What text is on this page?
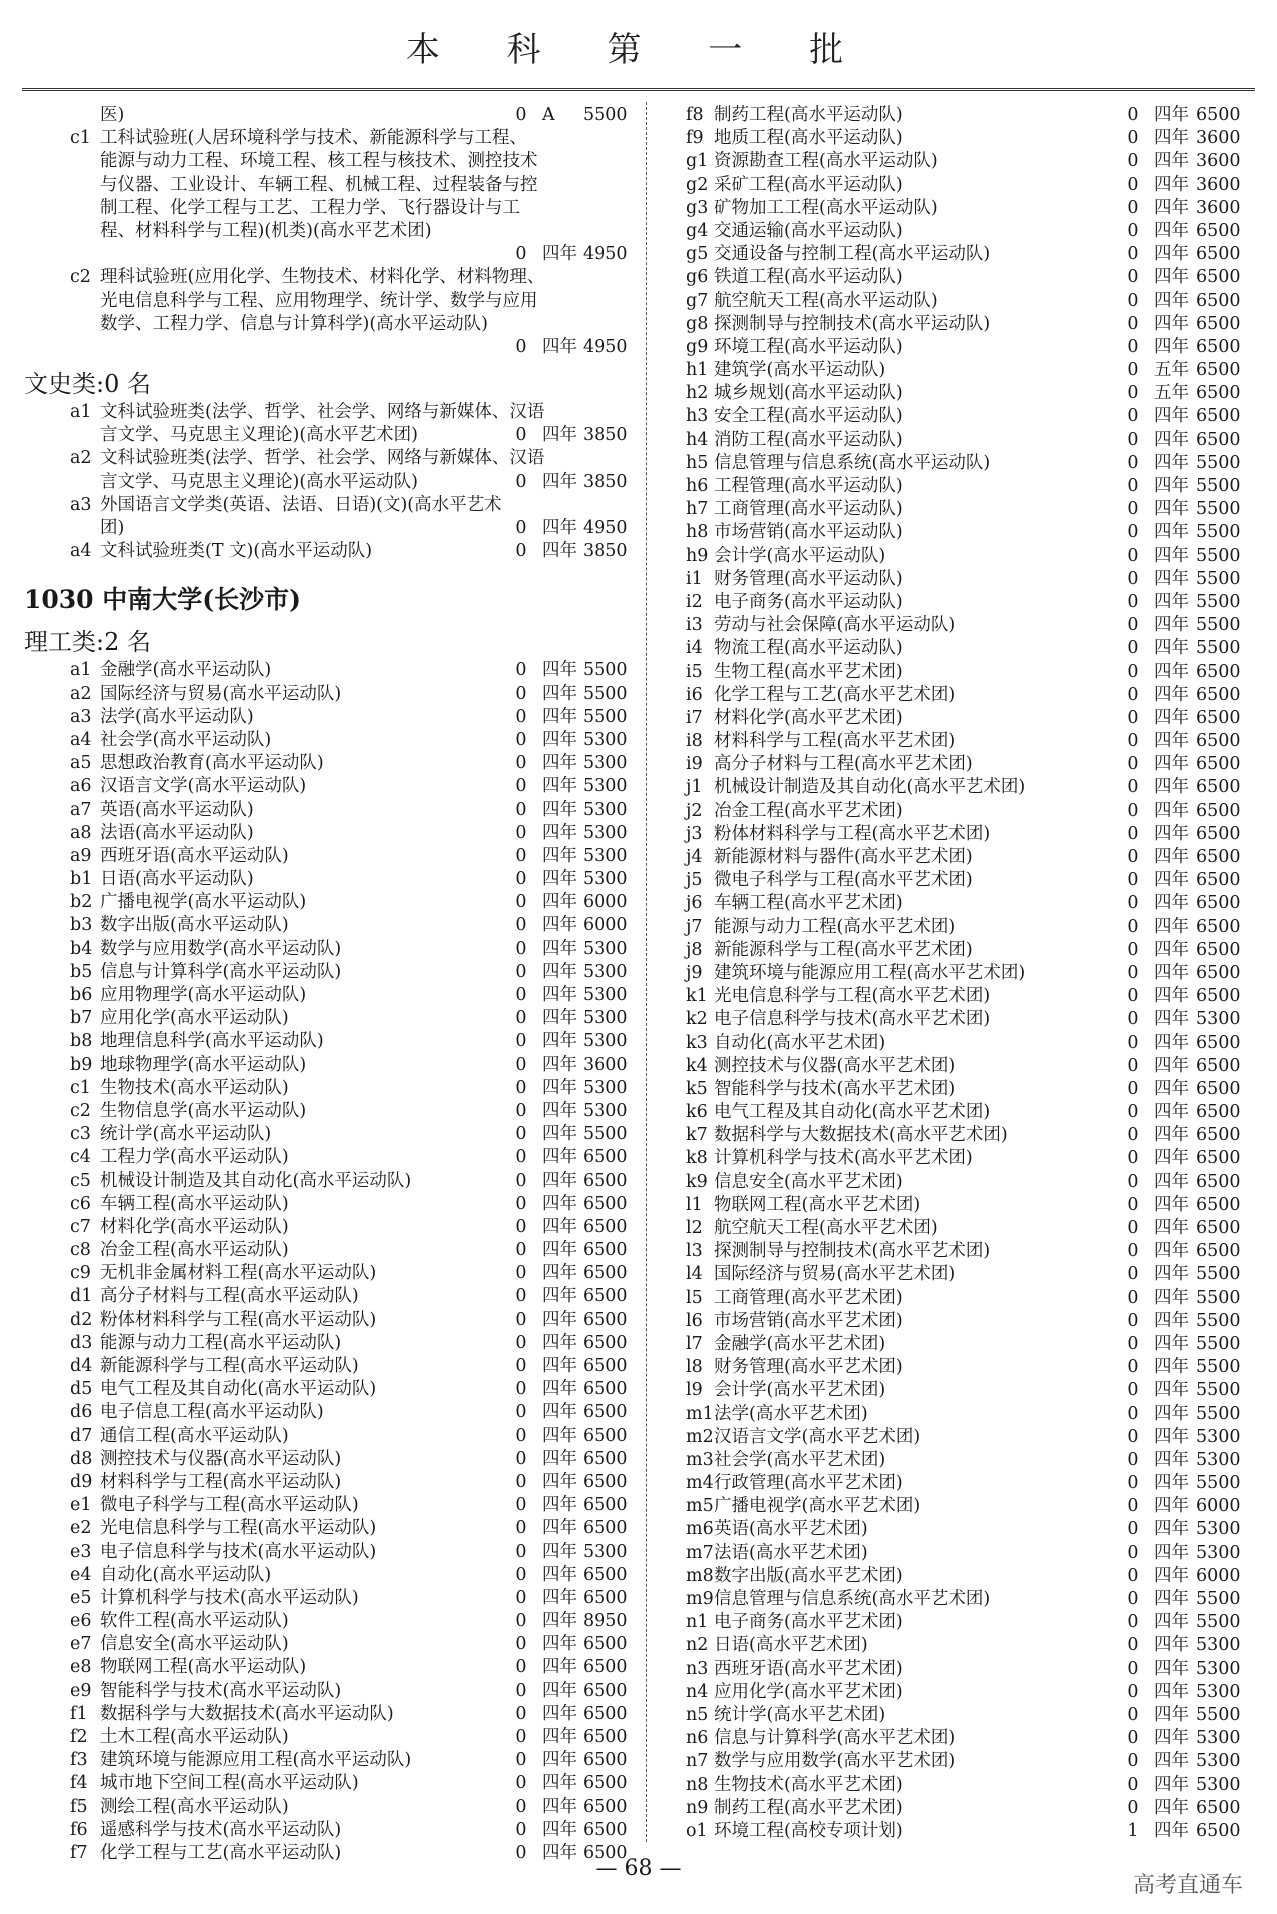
本 科 第 一 批
医)	0 A 5500
c1 工科试验班(人居环境科学与技术、新能源科学与工程、
能源与动力工程、环境工程、核工程与核技术、测控技术
与仪器、工业设计、车辆工程、机械工程、过程装备与控
制工程、化学工程与工艺、工程力学、飞行器设计与工
程、材料科学与工程)(机类)(高水平艺术团)
0 四年 4950
c2 理科试验班(应用化学、生物技术、材料化学、材料物理、
光电信息科学与工程、应用物理学、统计学、数学与应用
数学、工程力学、信息与计算科学)(高水平运动队)
0 四年 4950
文史类:0 名
a1 文科试验班类(法学、哲学、社会学、网络与新媒体、汉语
言文学、马克思主义理论)(高水平艺术团)	0 四年 3850
a2 文科试验班类(法学、哲学、社会学、网络与新媒体、汉语
言文学、马克思主义理论)(高水平运动队)	0 四年 3850
a3 外国语言文学类(英语、法语、日语)(文)(高水平艺术
团)	0 四年 4950
a4 文科试验班类(T 文)(高水平运动队)	0 四年 3850
1030 中南大学(长沙市)
理工类:2 名
a1 金融学(高水平运动队)	0 四年 5500
a2 国际经济与贸易(高水平运动队)	0 四年 5500
a3 法学(高水平运动队)	0 四年 5500
a4 社会学(高水平运动队)	0 四年 5300
a5 思想政治教育(高水平运动队)	0 四年 5300
a6 汉语言文学(高水平运动队)	0 四年 5300
a7 英语(高水平运动队)	0 四年 5300
a8 法语(高水平运动队)	0 四年 5300
a9 西班牙语(高水平运动队)	0 四年 5300
b1 日语(高水平运动队)	0 四年 5300
b2 广播电视学(高水平运动队)	0 四年 6000
b3 数字出版(高水平运动队)	0 四年 6000
b4 数学与应用数学(高水平运动队)	0 四年 5300
b5 信息与计算科学(高水平运动队)	0 四年 5300
b6 应用物理学(高水平运动队)	0 四年 5300
b7 应用化学(高水平运动队)	0 四年 5300
b8 地理信息科学(高水平运动队)	0 四年 5300
b9 地球物理学(高水平运动队)	0 四年 3600
c1 生物技术(高水平运动队)	0 四年 5300
c2 生物信息学(高水平运动队)	0 四年 5300
c3 统计学(高水平运动队)	0 四年 5500
c4 工程力学(高水平运动队)	0 四年 6500
c5 机械设计制造及其自动化(高水平运动队)	0 四年 6500
c6 车辆工程(高水平运动队)	0 四年 6500
c7 材料化学(高水平运动队)	0 四年 6500
c8 冶金工程(高水平运动队)	0 四年 6500
c9 无机非金属材料工程(高水平运动队)	0 四年 6500
d1 高分子材料与工程(高水平运动队)	0 四年 6500
d2 粉体材料科学与工程(高水平运动队)	0 四年 6500
d3 能源与动力工程(高水平运动队)	0 四年 6500
d4 新能源科学与工程(高水平运动队)	0 四年 6500
d5 电气工程及其自动化(高水平运动队)	0 四年 6500
d6 电子信息工程(高水平运动队)	0 四年 6500
d7 通信工程(高水平运动队)	0 四年 6500
d8 测控技术与仪器(高水平运动队)	0 四年 6500
d9 材料科学与工程(高水平运动队)	0 四年 6500
e1 微电子科学与工程(高水平运动队)	0 四年 6500
e2 光电信息科学与工程(高水平运动队)	0 四年 6500
e3 电子信息科学与技术(高水平运动队)	0 四年 5300
e4 自动化(高水平运动队)	0 四年 6500
e5 计算机科学与技术(高水平运动队)	0 四年 6500
e6 软件工程(高水平运动队)	0 四年 8950
e7 信息安全(高水平运动队)	0 四年 6500
e8 物联网工程(高水平运动队)	0 四年 6500
e9 智能科学与技术(高水平运动队)	0 四年 6500
f1 数据科学与大数据技术(高水平运动队)	0 四年 6500
f2 土木工程(高水平运动队)	0 四年 6500
f3 建筑环境与能源应用工程(高水平运动队)	0 四年 6500
f4 城市地下空间工程(高水平运动队)	0 四年 6500
f5 测绘工程(高水平运动队)	0 四年 6500
f6 遥感科学与技术(高水平运动队)	0 四年 6500
f7 化学工程与工艺(高水平运动队)	0 四年 6500
f8 制药工程(高水平运动队)	0 四年 6500
f9 地质工程(高水平运动队)	0 四年 3600
g1 资源勘查工程(高水平运动队)	0 四年 3600
g2 采矿工程(高水平运动队)	0 四年 3600
g3 矿物加工工程(高水平运动队)	0 四年 3600
g4 交通运输(高水平运动队)	0 四年 6500
g5 交通设备与控制工程(高水平运动队)	0 四年 6500
g6 铁道工程(高水平运动队)	0 四年 6500
g7 航空航天工程(高水平运动队)	0 四年 6500
g8 探测制导与控制技术(高水平运动队)	0 四年 6500
g9 环境工程(高水平运动队)	0 四年 6500
h1 建筑学(高水平运动队)	0 五年 6500
h2 城乡规划(高水平运动队)	0 五年 6500
h3 安全工程(高水平运动队)	0 四年 6500
h4 消防工程(高水平运动队)	0 四年 6500
h5 信息管理与信息系统(高水平运动队)	0 四年 5500
h6 工程管理(高水平运动队)	0 四年 5500
h7 工商管理(高水平运动队)	0 四年 5500
h8 市场营销(高水平运动队)	0 四年 5500
h9 会计学(高水平运动队)	0 四年 5500
i1 财务管理(高水平运动队)	0 四年 5500
i2 电子商务(高水平运动队)	0 四年 5500
i3 劳动与社会保障(高水平运动队)	0 四年 5500
i4 物流工程(高水平运动队)	0 四年 5500
i5 生物工程(高水平艺术团)	0 四年 6500
i6 化学工程与工艺(高水平艺术团)	0 四年 6500
i7 材料化学(高水平艺术团)	0 四年 6500
i8 材料科学与工程(高水平艺术团)	0 四年 6500
i9 高分子材料与工程(高水平艺术团)	0 四年 6500
j1 机械设计制造及其自动化(高水平艺术团)	0 四年 6500
j2 冶金工程(高水平艺术团)	0 四年 6500
j3 粉体材料科学与工程(高水平艺术团)	0 四年 6500
j4 新能源材料与器件(高水平艺术团)	0 四年 6500
j5 微电子科学与工程(高水平艺术团)	0 四年 6500
j6 车辆工程(高水平艺术团)	0 四年 6500
j7 能源与动力工程(高水平艺术团)	0 四年 6500
j8 新能源科学与工程(高水平艺术团)	0 四年 6500
j9 建筑环境与能源应用工程(高水平艺术团)	0 四年 6500
k1 光电信息科学与工程(高水平艺术团)	0 四年 6500
k2 电子信息科学与技术(高水平艺术团)	0 四年 5300
k3 自动化(高水平艺术团)	0 四年 6500
k4 测控技术与仪器(高水平艺术团)	0 四年 6500
k5 智能科学与技术(高水平艺术团)	0 四年 6500
k6 电气工程及其自动化(高水平艺术团)	0 四年 6500
k7 数据科学与大数据技术(高水平艺术团)	0 四年 6500
k8 计算机科学与技术(高水平艺术团)	0 四年 6500
k9 信息安全(高水平艺术团)	0 四年 6500
l1 物联网工程(高水平艺术团)	0 四年 6500
l2 航空航天工程(高水平艺术团)	0 四年 6500
l3 探测制导与控制技术(高水平艺术团)	0 四年 6500
l4 国际经济与贸易(高水平艺术团)	0 四年 5500
l5 工商管理(高水平艺术团)	0 四年 5500
l6 市场营销(高水平艺术团)	0 四年 5500
l7 金融学(高水平艺术团)	0 四年 5500
l8 财务管理(高水平艺术团)	0 四年 5500
l9 会计学(高水平艺术团)	0 四年 5500
m1 法学(高水平艺术团)	0 四年 5500
m2 汉语言文学(高水平艺术团)	0 四年 5300
m3 社会学(高水平艺术团)	0 四年 5300
m4 行政管理(高水平艺术团)	0 四年 5500
m5 广播电视学(高水平艺术团)	0 四年 6000
m6 英语(高水平艺术团)	0 四年 5300
m7 法语(高水平艺术团)	0 四年 5300
m8 数字出版(高水平艺术团)	0 四年 6000
m9 信息管理与信息系统(高水平艺术团)	0 四年 5500
n1 电子商务(高水平艺术团)	0 四年 5500
n2 日语(高水平艺术团)	0 四年 5300
n3 西班牙语(高水平艺术团)	0 四年 5300
n4 应用化学(高水平艺术团)	0 四年 5300
n5 统计学(高水平艺术团)	0 四年 5500
n6 信息与计算科学(高水平艺术团)	0 四年 5300
n7 数学与应用数学(高水平艺术团)	0 四年 5300
n8 生物技术(高水平艺术团)	0 四年 5300
n9 制药工程(高水平艺术团)	0 四年 6500
o1 环境工程(高校专项计划)	1 四年 6500
— 68 —
高考直通车
